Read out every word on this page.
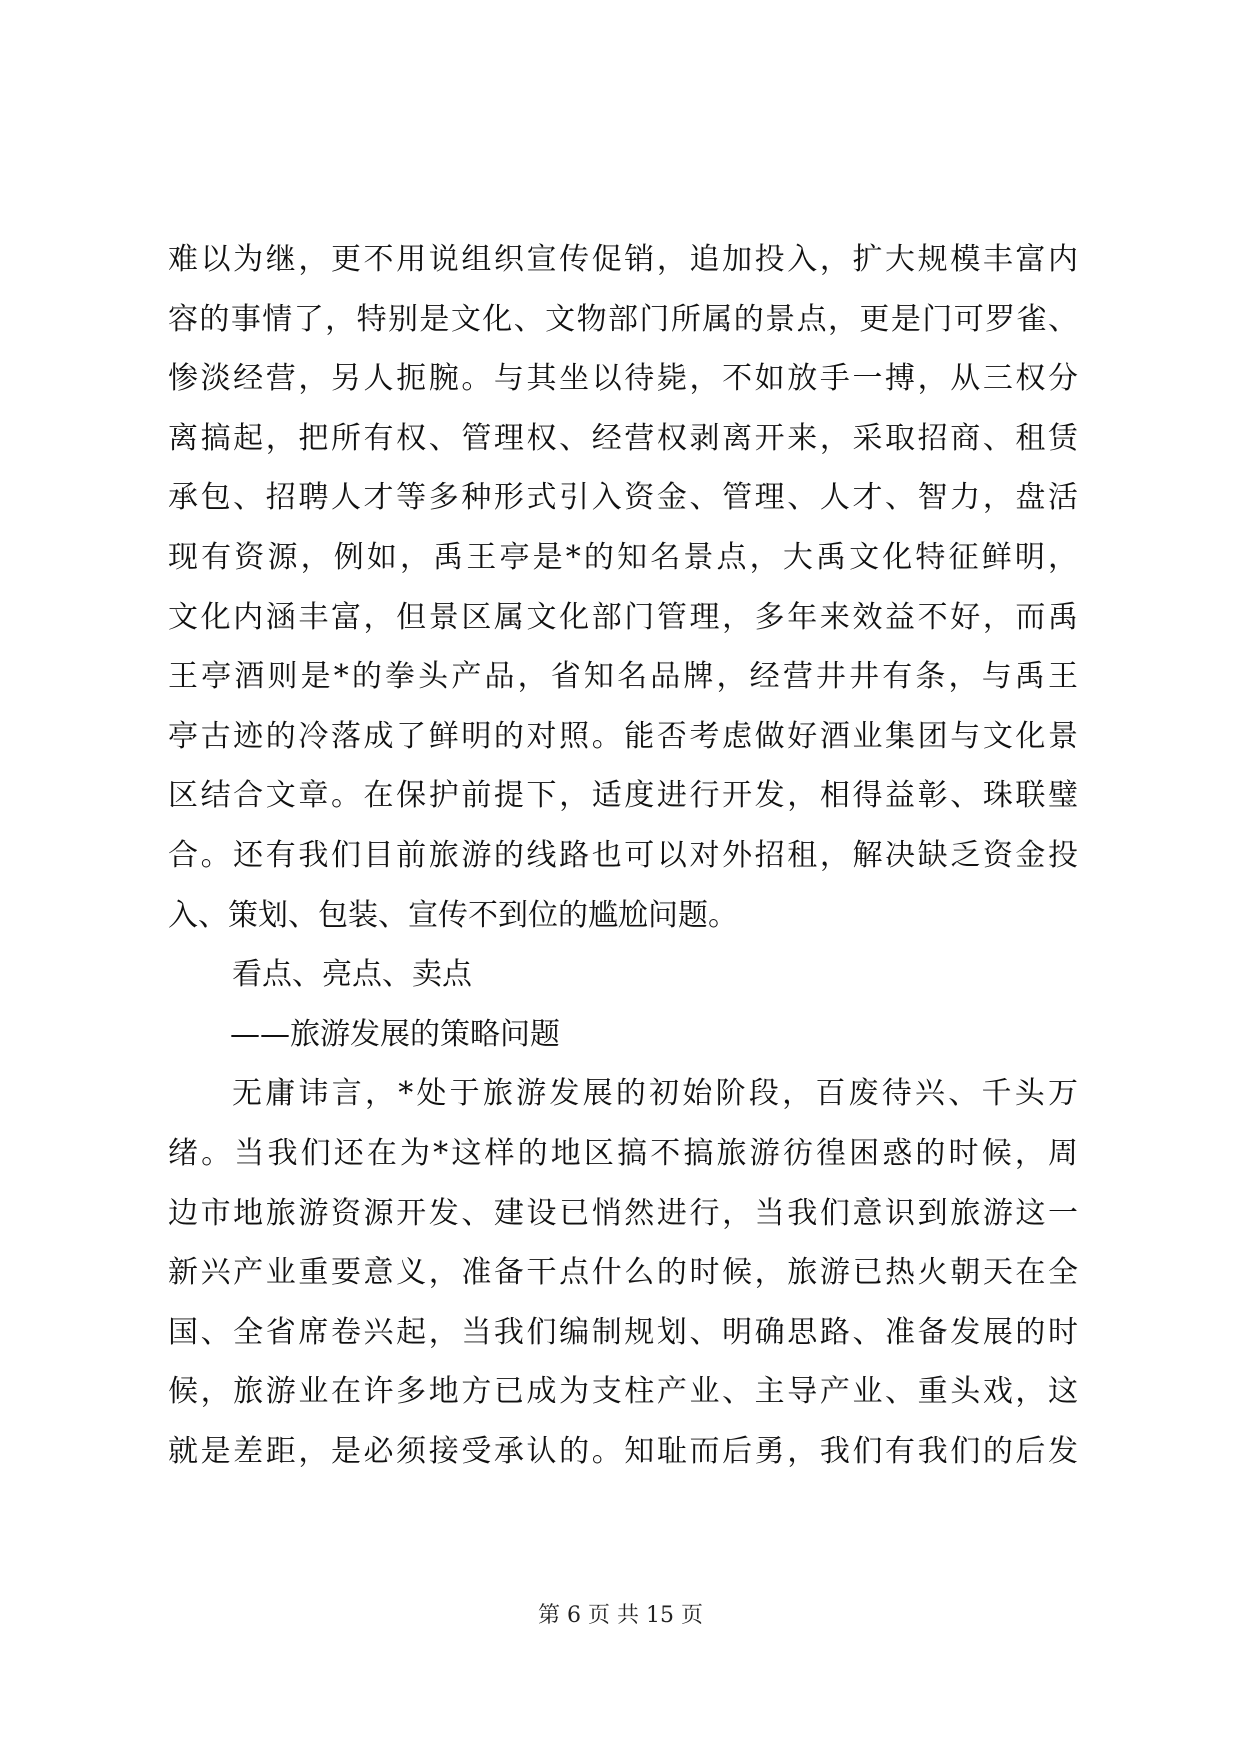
难以为继，更不用说组织宣传促销，追加投入，扩大规模丰富内
容的事情了，特别是文化、文物部门所属的景点，更是门可罗雀、
惨淡经营，另人扼腕。与其坐以待毙，不如放手一搏，从三权分
离搞起，把所有权、管理权、经营权剥离开来，采取招商、租赁
承包、招聘人才等多种形式引入资金、管理、人才、智力，盘活
现有资源，例如，禹王亭是*的知名景点，大禹文化特征鲜明，
文化内涵丰富，但景区属文化部门管理，多年来效益不好，而禹
王亭酒则是*的拳头产品，省知名品牌，经营井井有条，与禹王
亭古迹的冷落成了鲜明的对照。能否考虑做好酒业集团与文化景
区结合文章。在保护前提下，适度进行开发，相得益彰、珠联璧
合。还有我们目前旅游的线路也可以对外招租，解决缺乏资金投
入、策划、包装、宣传不到位的尴尬问题。
看点、亮点、卖点
——旅游发展的策略问题
无庸讳言，*处于旅游发展的初始阶段，百废待兴、千头万
绪。当我们还在为*这样的地区搞不搞旅游彷徨困惑的时候，周
边市地旅游资源开发、建设已悄然进行，当我们意识到旅游这一
新兴产业重要意义，准备干点什么的时候，旅游已热火朝天在全
国、全省席卷兴起，当我们编制规划、明确思路、准备发展的时
候，旅游业在许多地方已成为支柱产业、主导产业、重头戏，这
就是差距，是必须接受承认的。知耻而后勇，我们有我们的后发
第 6 页 共 15 页
